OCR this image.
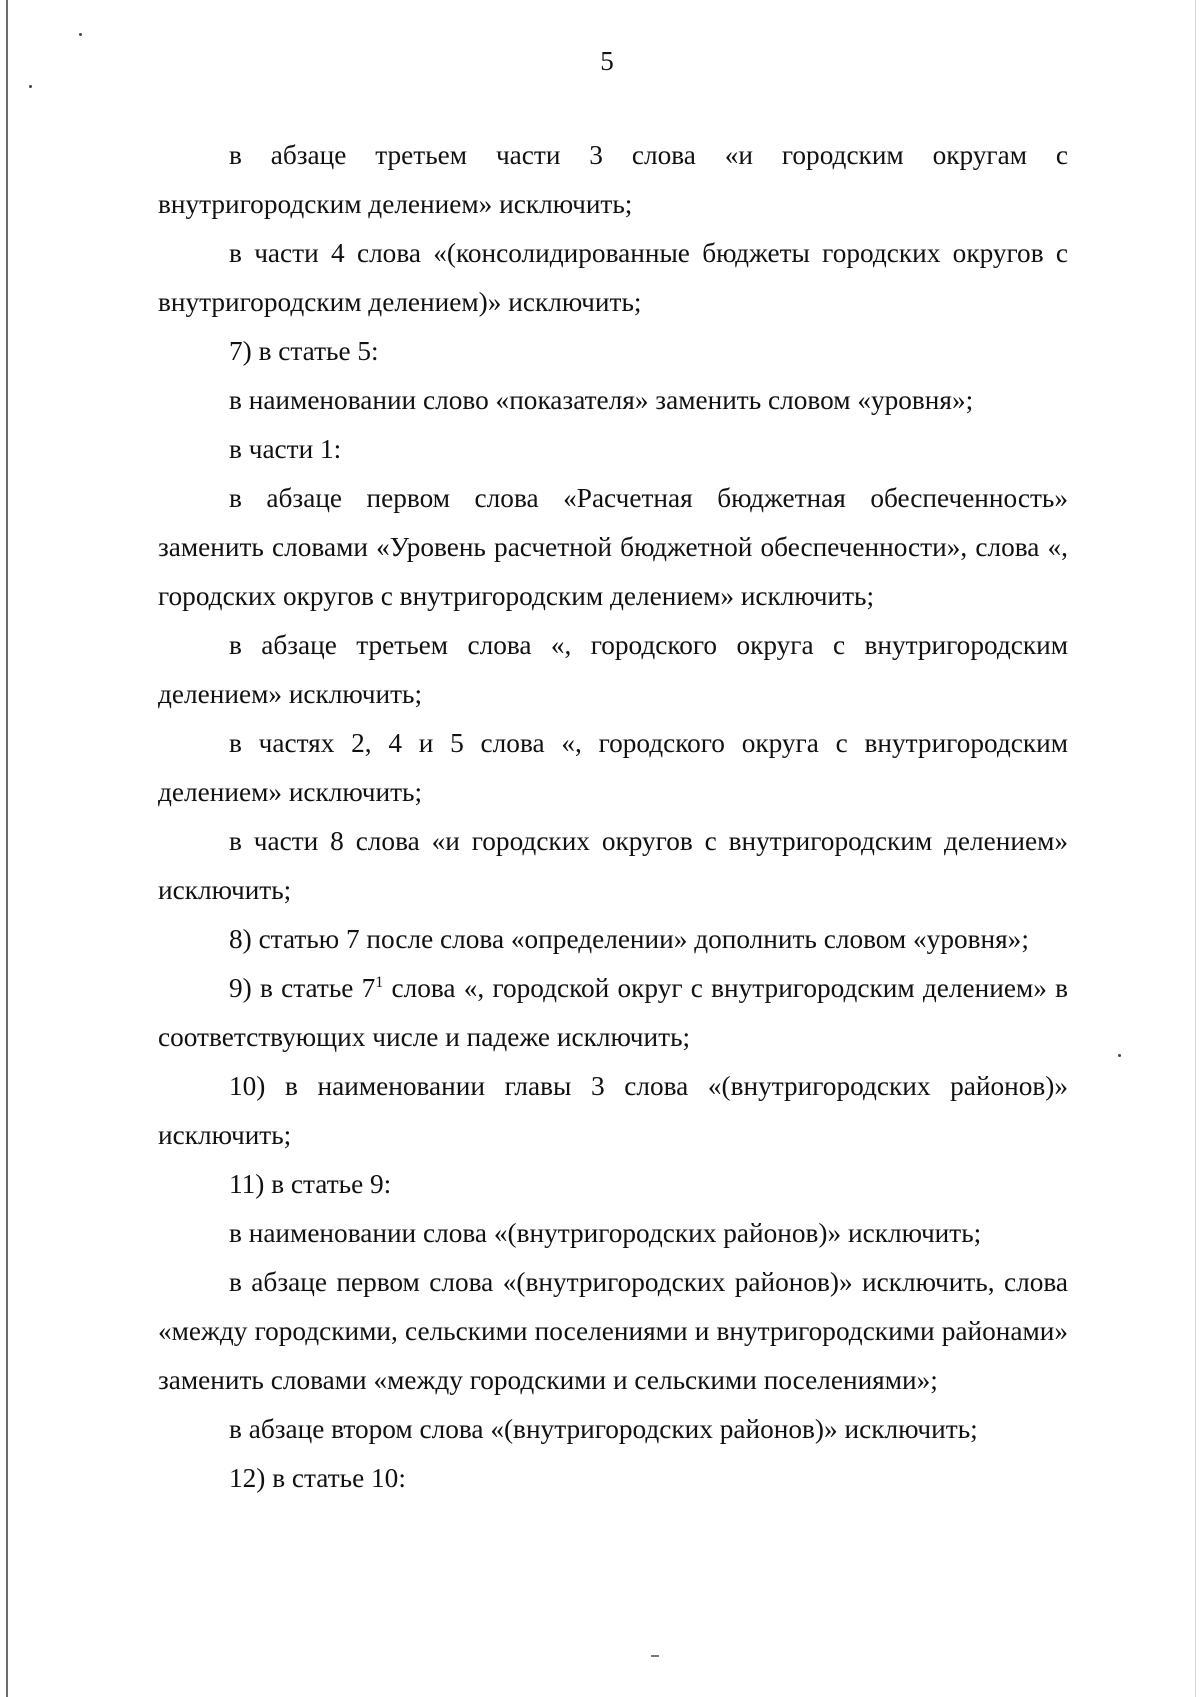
5

в абзаце третьем части 3 слова «и городским округам с внутригородским делением» исключить;

в части 4 слова «(консолидированные бюджеты городских округов с внутригородским делением)» исключить;

7) в статье 5:

в наименовании слово «показателя» заменить словом «уровня»;

в части 1:

в абзаце первом слова «Расчетная бюджетная обеспеченность» заменить словами «Уровень расчетной бюджетной обеспеченности», слова «, городских округов с внутригородским делением» исключить;

в абзаце третьем слова «, городского округа с внутригородским делением» исключить;

в частях 2, 4 и 5 слова «, городского округа с внутригородским делением» исключить;

в части 8 слова «и городских округов с внутригородским делением» исключить;

8) статью 7 после слова «определении» дополнить словом «уровня»;

9) в статье $7^1$ слова «, городской округ с внутригородским делением» в соответствующих числе и падеже исключить;

10) в наименовании главы 3 слова «(внутригородских районов)» исключить;

11) в статье 9:

в наименовании слова «(внутригородских районов)» исключить;

в абзаце первом слова «(внутригородских районов)» исключить, слова «между городскими, сельскими поселениями и внутригородскими районами» заменить словами «между городскими и сельскими поселениями»;

в абзаце втором слова «(внутригородских районов)» исключить;

12) в статье 10:
